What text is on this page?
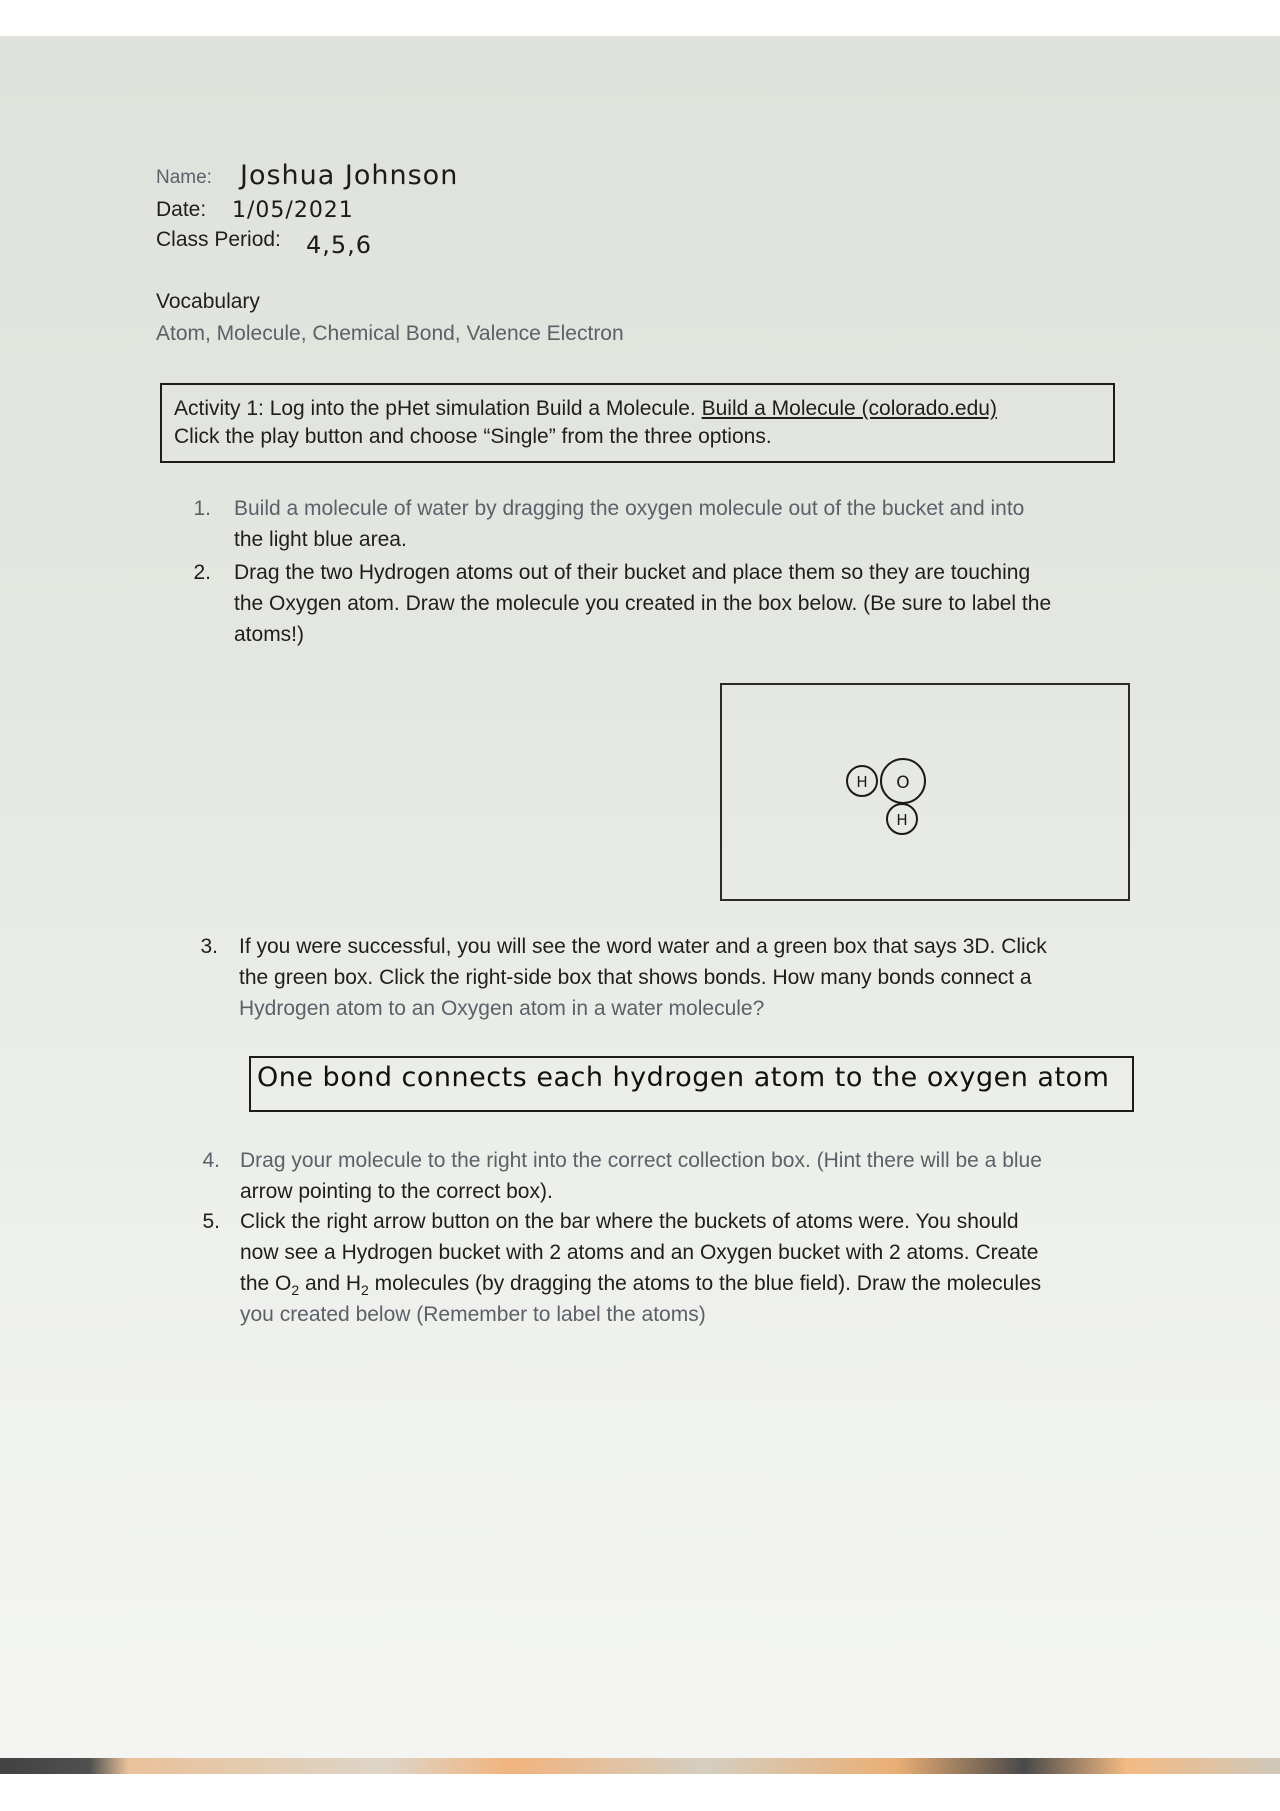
Name: Joshua Johnson
Date: 1/05/2021
Class Period: 4,5,6
Vocabulary
Atom, Molecule, Chemical Bond, Valence Electron
Activity 1: Log into the pHet simulation Build a Molecule. Build a Molecule (colorado.edu)
Click the play button and choose “Single” from the three options.
1. Build a molecule of water by dragging the oxygen molecule out of the bucket and into
the light blue area.
2. Drag the two Hydrogen atoms out of their bucket and place them so they are touching
the Oxygen atom. Draw the molecule you created in the box below. (Be sure to label the
atoms!)
H O
H
3. If you were successful, you will see the word water and a green box that says 3D. Click
the green box. Click the right-side box that shows bonds. How many bonds connect a
Hydrogen atom to an Oxygen atom in a water molecule?
One bond connects each hydrogen atom to the oxygen atom
4. Drag your molecule to the right into the correct collection box. (Hint there will be a blue
arrow pointing to the correct box).
5. Click the right arrow button on the bar where the buckets of atoms were. You should
now see a Hydrogen bucket with 2 atoms and an Oxygen bucket with 2 atoms. Create
the $O_2$ and $H_2$ molecules (by dragging the atoms to the blue field). Draw the molecules
you created below (Remember to label the atoms)
